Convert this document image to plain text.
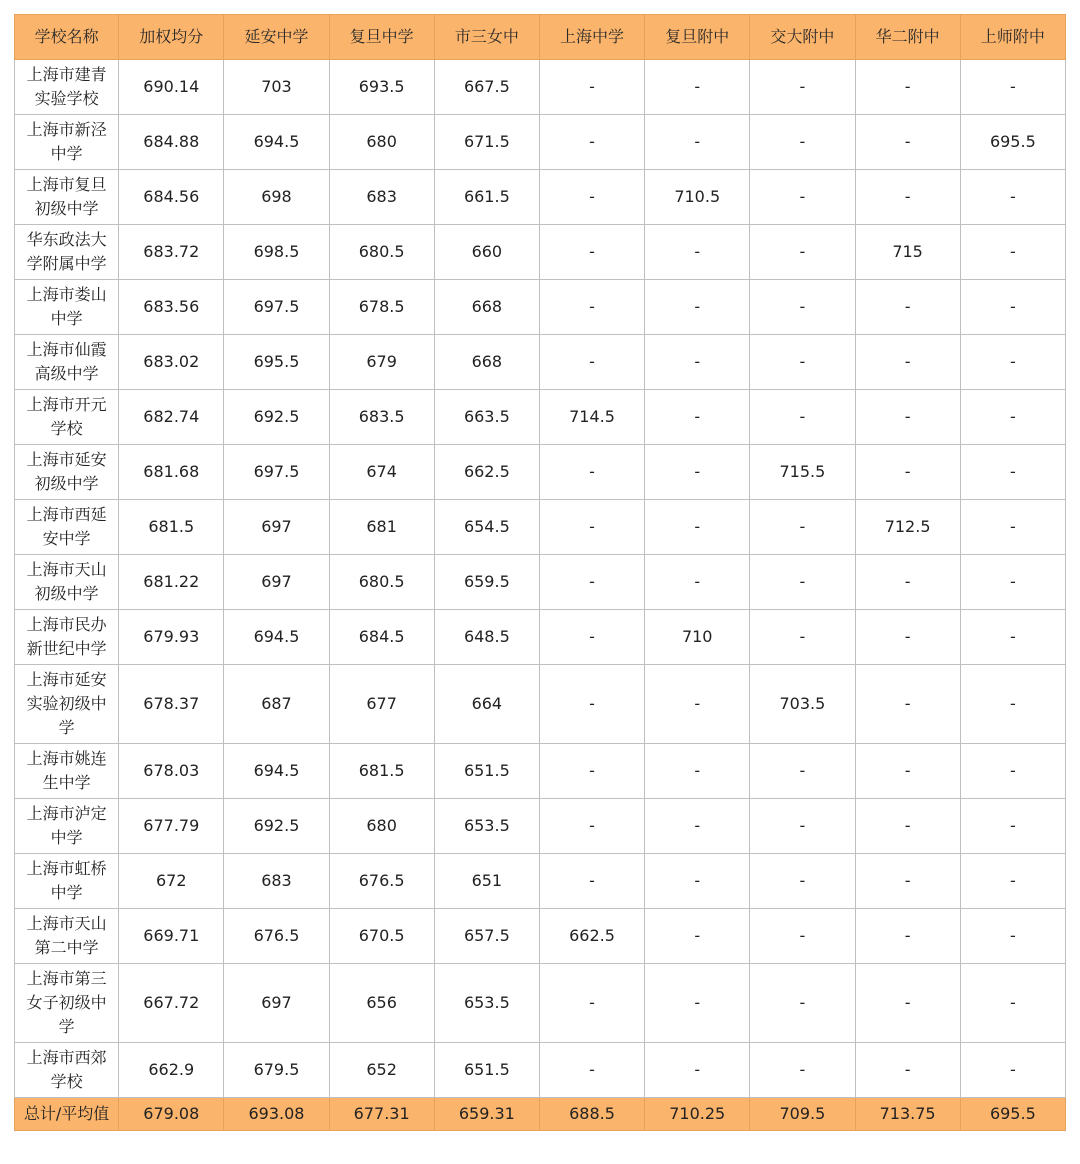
学校名称	加权均分	延安中学	复旦中学	市三女中	上海中学	复旦附中	交大附中	华二附中	上师附中
上海市建青实验学校	690.14	703	693.5	667.5	-	-	-	-	-
上海市新泾中学	684.88	694.5	680	671.5	-	-	-	-	695.5
上海市复旦初级中学	684.56	698	683	661.5	-	710.5	-	-	-
华东政法大学附属中学	683.72	698.5	680.5	660	-	-	-	715	-
上海市娄山中学	683.56	697.5	678.5	668	-	-	-	-	-
上海市仙霞高级中学	683.02	695.5	679	668	-	-	-	-	-
上海市开元学校	682.74	692.5	683.5	663.5	714.5	-	-	-	-
上海市延安初级中学	681.68	697.5	674	662.5	-	-	715.5	-	-
上海市西延安中学	681.5	697	681	654.5	-	-	-	712.5	-
上海市天山初级中学	681.22	697	680.5	659.5	-	-	-	-	-
上海市民办新世纪中学	679.93	694.5	684.5	648.5	-	710	-	-	-
上海市延安实验初级中学	678.37	687	677	664	-	-	703.5	-	-
上海市姚连生中学	678.03	694.5	681.5	651.5	-	-	-	-	-
上海市泸定中学	677.79	692.5	680	653.5	-	-	-	-	-
上海市虹桥中学	672	683	676.5	651	-	-	-	-	-
上海市天山第二中学	669.71	676.5	670.5	657.5	662.5	-	-	-	-
上海市第三女子初级中学	667.72	697	656	653.5	-	-	-	-	-
上海市西郊学校	662.9	679.5	652	651.5	-	-	-	-	-
总计/平均值	679.08	693.08	677.31	659.31	688.5	710.25	709.5	713.75	695.5
